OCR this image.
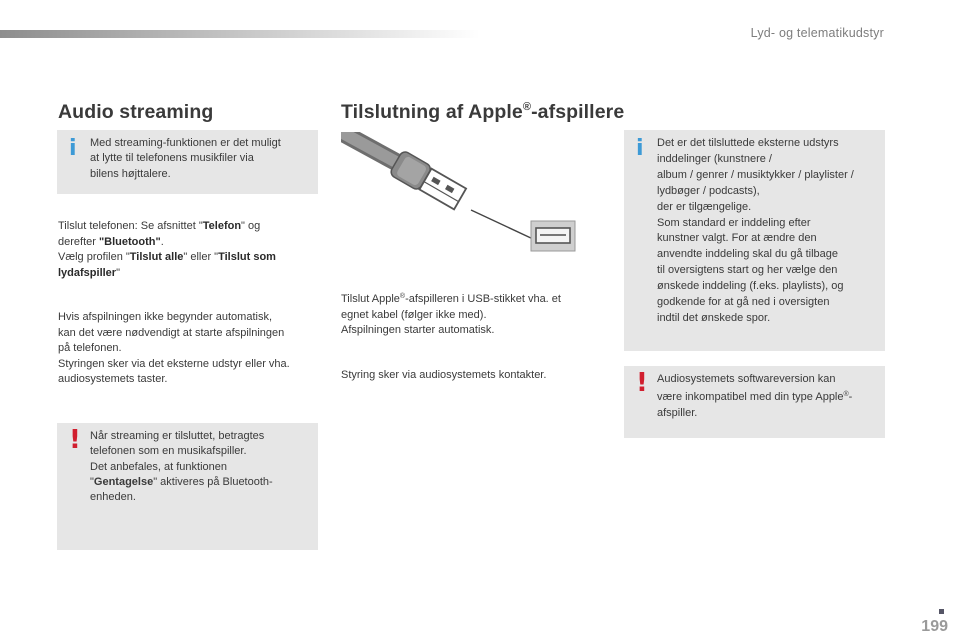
Lyd- og telematikudstyr
Audio streaming
i Med streaming-funktionen er det muligt
at lytte til telefonens musikfiler via
bilens højttalere.
Tilslut telefonen: Se afsnittet "Telefon" og
derefter "Bluetooth".
Vælg profilen "Tilslut alle" eller "Tilslut som
lydafspiller"
Hvis afspilningen ikke begynder automatisk,
kan det være nødvendigt at starte afspilningen
på telefonen.
Styringen sker via det eksterne udstyr eller vha.
audiosystemets taster.
! Når streaming er tilsluttet, betragtes
telefonen som en musikafspiller.
Det anbefales, at funktionen
"Gentagelse" aktiveres på Bluetooth-
enheden.
Tilslutning af Apple®-afspillere
Tilslut Apple®-afspilleren i USB-stikket vha. et
egnet kabel (følger ikke med).
Afspilningen starter automatisk.
Styring sker via audiosystemets kontakter.
i Det er det tilsluttede eksterne udstyrs
inddelinger (kunstnere /
album / genrer / musiktykker / playlister /
lydbøger / podcasts),
der er tilgængelige.
Som standard er inddeling efter
kunstner valgt. For at ændre den
anvendte inddeling skal du gå tilbage
til oversigtens start og her vælge den
ønskede inddeling (f.eks. playlists), og
godkende for at gå ned i oversigten
indtil det ønskede spor.
! Audiosystemets softwareversion kan
være inkompatibel med din type Apple®-
afspiller.
199
